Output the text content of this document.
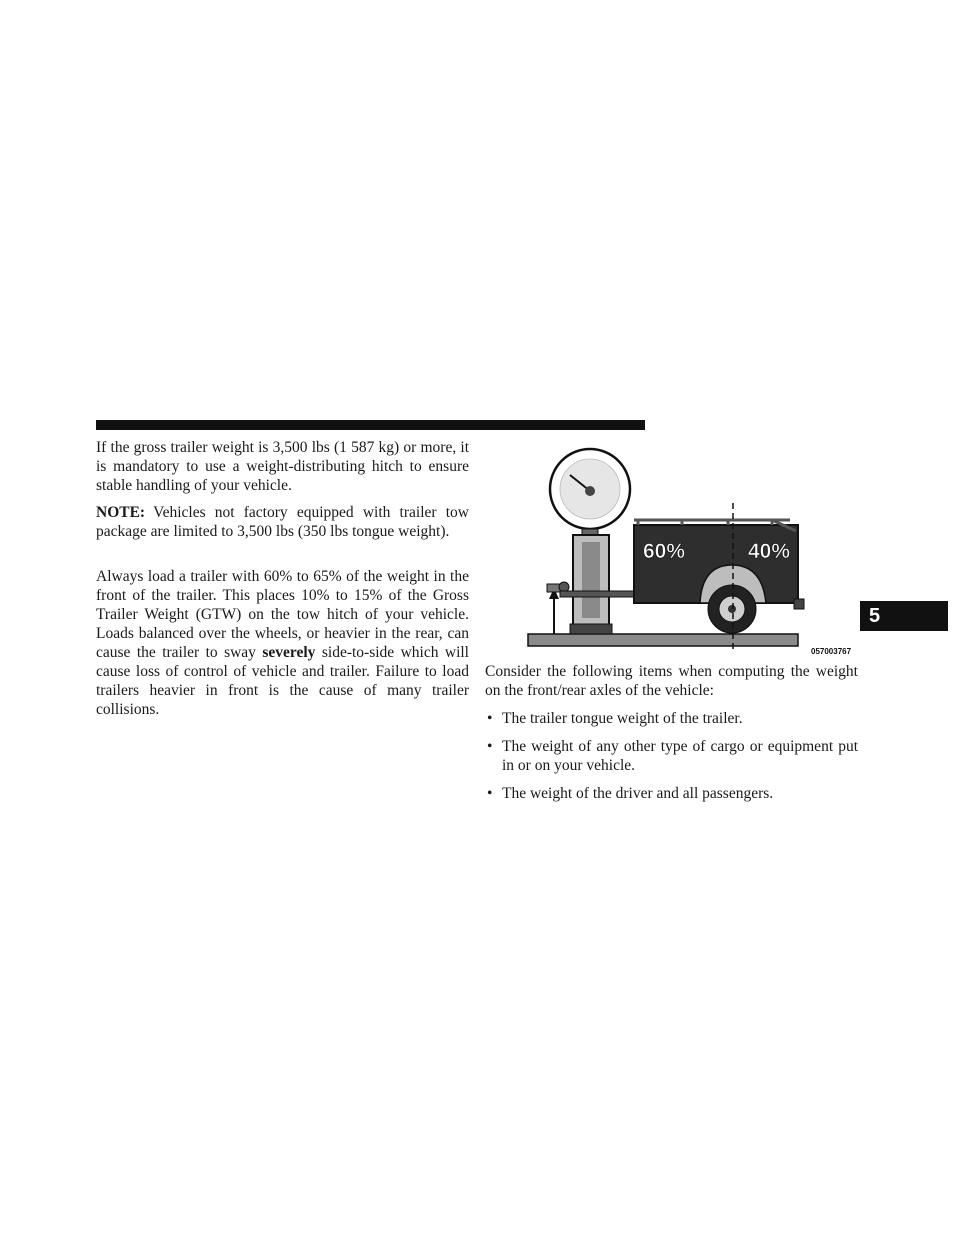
If the gross trailer weight is 3,500 lbs (1 587 kg) or more, it is mandatory to use a weight-distributing hitch to ensure stable handling of your vehicle.

NOTE: Vehicles not factory equipped with trailer tow package are limited to 3,500 lbs (350 lbs tongue weight).

Always load a trailer with 60% to 65% of the weight in the front of the trailer. This places 10% to 15% of the Gross Trailer Weight (GTW) on the tow hitch of your vehicle. Loads balanced over the wheels, or heavier in the rear, can cause the trailer to sway severely side-to-side which will cause loss of control of vehicle and trailer. Failure to load trailers heavier in front is the cause of many trailer collisions.

60%	40%
057003767

Consider the following items when computing the weight on the front/rear axles of the vehicle:

• The trailer tongue weight of the trailer.
• The weight of any other type of cargo or equipment put in or on your vehicle.
• The weight of the driver and all passengers.
5
